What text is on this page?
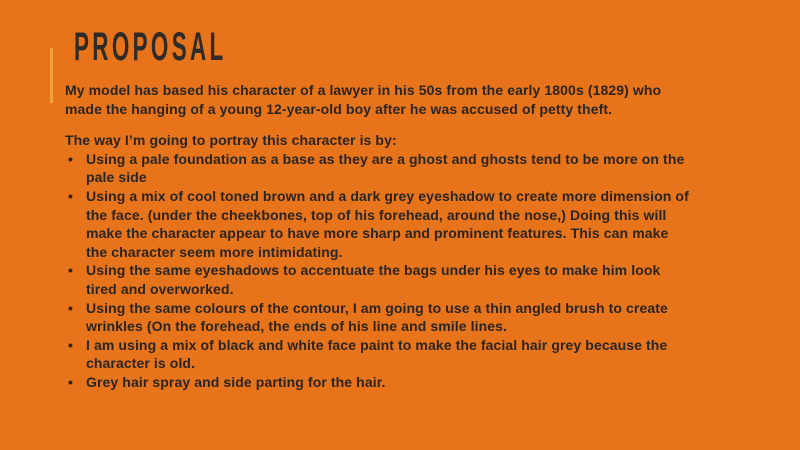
PROPOSAL

My model has based his character of a lawyer in his 50s from the early 1800s (1829) who made the hanging of a young 12-year-old boy after he was accused of petty theft.

The way I’m going to portray this character is by:

• Using a pale foundation as a base as they are a ghost and ghosts tend to be more on the pale side
• Using a mix of cool toned brown and a dark grey eyeshadow to create more dimension of the face. (under the cheekbones, top of his forehead, around the nose,) Doing this will make the character appear to have more sharp and prominent features. This can make the character seem more intimidating.
• Using the same eyeshadows to accentuate the bags under his eyes to make him look tired and overworked.
• Using the same colours of the contour, I am going to use a thin angled brush to create wrinkles (On the forehead, the ends of his line and smile lines.
• I am using a mix of black and white face paint to make the facial hair grey because the character is old.
• Grey hair spray and side parting for the hair.
